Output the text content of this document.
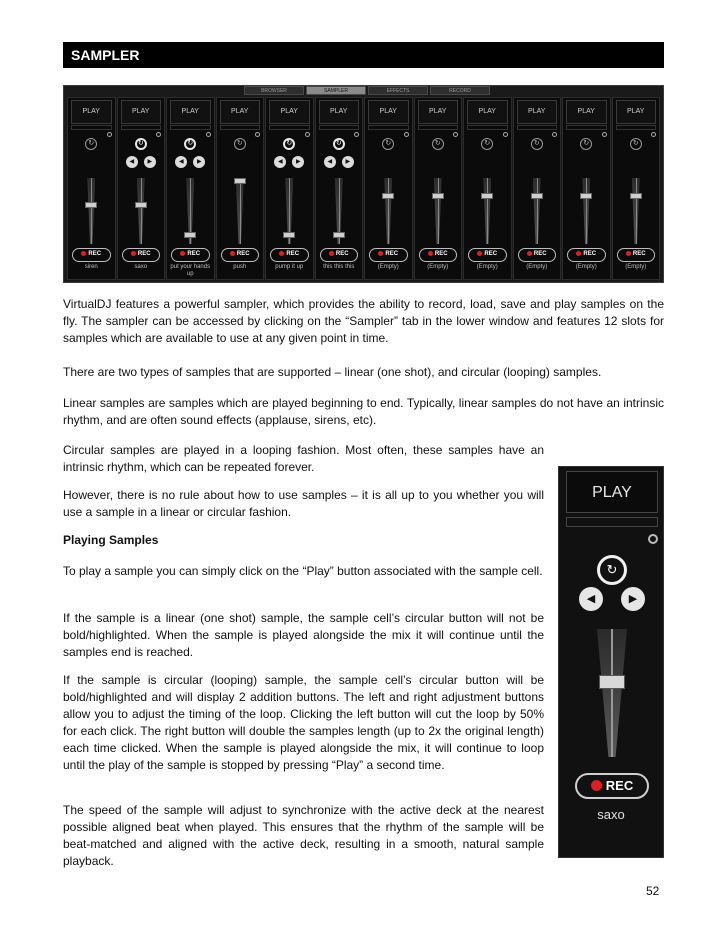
SAMPLER
BROWSER	SAMPLER	EFFECTS	RECORD
PLAY
↻
REC
siren
PLAY
↻
◀	▶
REC
saxo
PLAY
↻
◀	▶
REC
put your hands up
PLAY
↻
REC
push
PLAY
↻
◀	▶
REC
pump it up
PLAY
↻
◀	▶
REC
this this this
PLAY
↻
REC
(Empty)
PLAY
↻
REC
(Empty)
PLAY
↻
REC
(Empty)
PLAY
↻
REC
(Empty)
PLAY
↻
REC
(Empty)
PLAY
↻
REC
(Empty)

VirtualDJ features a powerful sampler, which provides the ability to record, load, save and play samples on the fly. The sampler can be accessed by clicking on the “Sampler” tab in the lower window and features 12 slots for samples which are available to use at any given point in time.

There are two types of samples that are supported – linear (one shot), and circular (looping) samples.

Linear samples are samples which are played beginning to end. Typically, linear samples do not have an intrinsic rhythm, and are often sound effects (applause, sirens, etc).

Circular samples are played in a looping fashion. Most often, these samples have an intrinsic rhythm, which can be repeated forever.

However, there is no rule about how to use samples – it is all up to you whether you will use a sample in a linear or circular fashion.

Playing Samples

To play a sample you can simply click on the “Play” button associated with the sample cell.

If the sample is a linear (one shot) sample, the sample cell’s circular button will not be bold/highlighted. When the sample is played alongside the mix it will continue until the samples end is reached.

If the sample is circular (looping) sample, the sample cell’s circular button will be bold/highlighted and will display 2 addition buttons. The left and right adjustment buttons allow you to adjust the timing of the loop. Clicking the left button will cut the loop by 50% for each click. The right button will double the samples length (up to 2x the original length) each time clicked. When the sample is played alongside the mix, it will continue to loop until the play of the sample is stopped by pressing “Play” a second time.

The speed of the sample will adjust to synchronize with the active deck at the nearest possible aligned beat when played. This ensures that the rhythm of the sample will be beat-matched and aligned with the active deck, resulting in a smooth, natural sample playback.

PLAY
↻
◀	▶
REC
saxo
52
